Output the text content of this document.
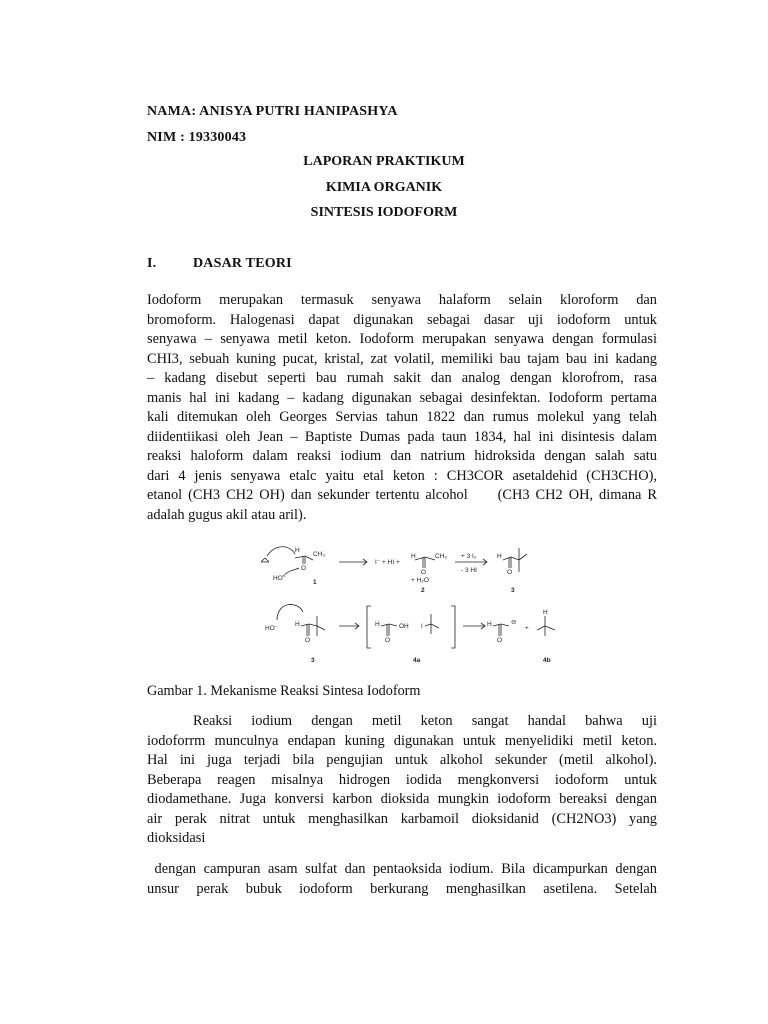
NAMA: ANISYA PUTRI HANIPASHYA
NIM : 19330043
LAPORAN PRAKTIKUM
KIMIA ORGANIK
SINTESIS IODOFORM
I.	DASAR TEORI
Iodoform merupakan termasuk senyawa halaform selain kloroform dan
bromoform. Halogenasi dapat digunakan sebagai dasar uji iodoform untuk
senyawa – senyawa metil keton. Iodoform merupakan senyawa dengan formulasi
CHI3, sebuah kuning pucat, kristal, zat volatil, memiliki bau tajam bau ini kadang
– kadang disebut seperti bau rumah sakit dan analog dengan klorofrom, rasa
manis hal ini kadang – kadang digunakan sebagai desinfektan. Iodoform pertama
kali ditemukan oleh Georges Servias tahun 1822 dan rumus molekul yang telah
diidentiikasi oleh Jean – Baptiste Dumas pada taun 1834, hal ini disintesis dalam
reaksi haloform dalam reaksi iodium dan natrium hidroksida dengan salah satu
dari 4 jenis senyawa etalc yaitu etal keton : CH3COR asetaldehid (CH3CHO),
etanol (CH3 CH2 OH) dan sekunder tertentu alcohol     (CH3 CH2 OH, dimana R
adalah gugus akil atau aril).
H
CH₃
O
HO⁻
1
I⁻ + HI +
H	CH₃
O
+ H₂O
2
+ 3 I₂
- 3 HI
H
O
3
HO⁻
H
O
3
H	OH
O
I
4a
H
O
⊖
+
H
4b
Gambar 1. Mekanisme Reaksi Sintesa Iodoform
Reaksi iodium dengan metil keton sangat handal bahwa uji
iodoforrm munculnya endapan kuning digunakan untuk menyelidiki metil keton.
Hal ini juga terjadi bila pengujian untuk alkohol sekunder (metil alkohol).
Beberapa reagen misalnya hidrogen iodida mengkonversi iodoform untuk
diodamethane. Juga konversi karbon dioksida mungkin iodoform bereaksi dengan
air perak nitrat untuk menghasilkan karbamoil dioksidanid (CH2NO3) yang
dioksidasi
dengan campuran asam sulfat dan pentaoksida iodium. Bila dicampurkan dengan
unsur perak bubuk iodoform berkurang menghasilkan asetilena. Setelah
